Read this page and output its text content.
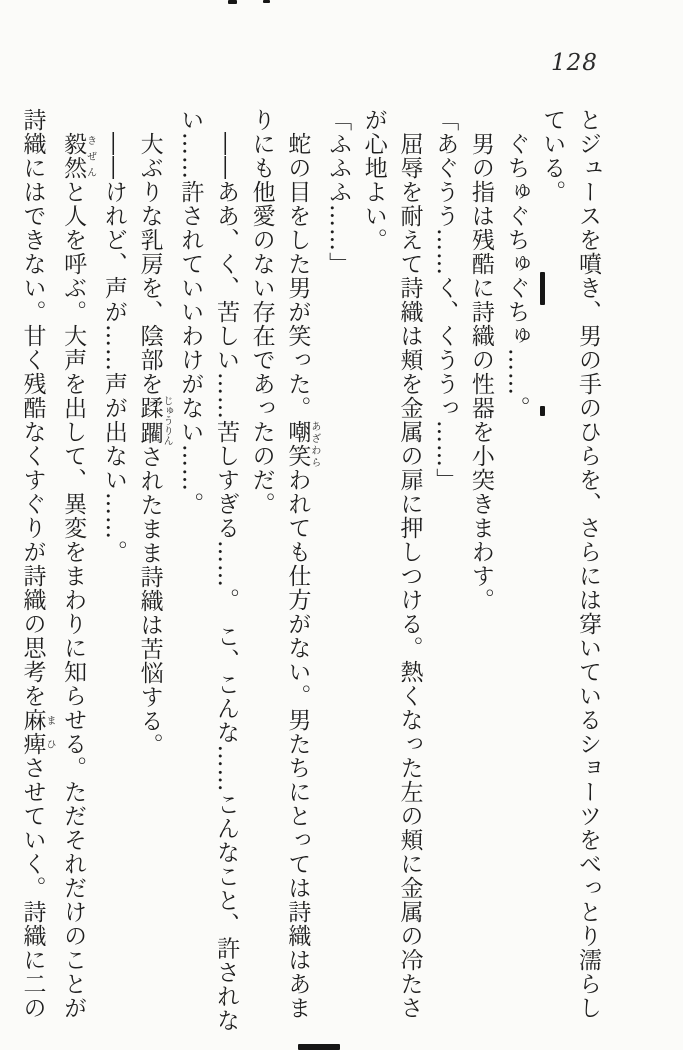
128
とジュースを噴き、男の手のひらを、さらには穿いているショーツをべっとり濡らし
ている。
　ぐちゅぐちゅぐちゅ……。
　男の指は残酷に詩織の性器を小突きまわす。
「あぐうう……く、くううっ……」
　屈辱を耐えて詩織は頬を金属の扉に押しつける。熱くなった左の頬に金属の冷たさ
が心地よい。
「ふふふ……」
　蛇の目をした男が笑った。嘲笑あざわらわれても仕方がない。男たちにとっては詩織はあま
りにも他愛のない存在であったのだ。
　――ああ、く、苦しい……苦しすぎる……。　こ、こんな……こんなこと、許されな
い……許されていいわけがない……。
　大ぶりな乳房を、陰部を蹂躙じゅうりんされたまま詩織は苦悩する。
　――けれど、声が……声が出ない……。
　毅然きぜんと人を呼ぶ。大声を出して、異変をまわりに知らせる。ただそれだけのことが
詩織にはできない。甘く残酷なくすぐりが詩織の思考を麻痺まひさせていく。詩織に二の
